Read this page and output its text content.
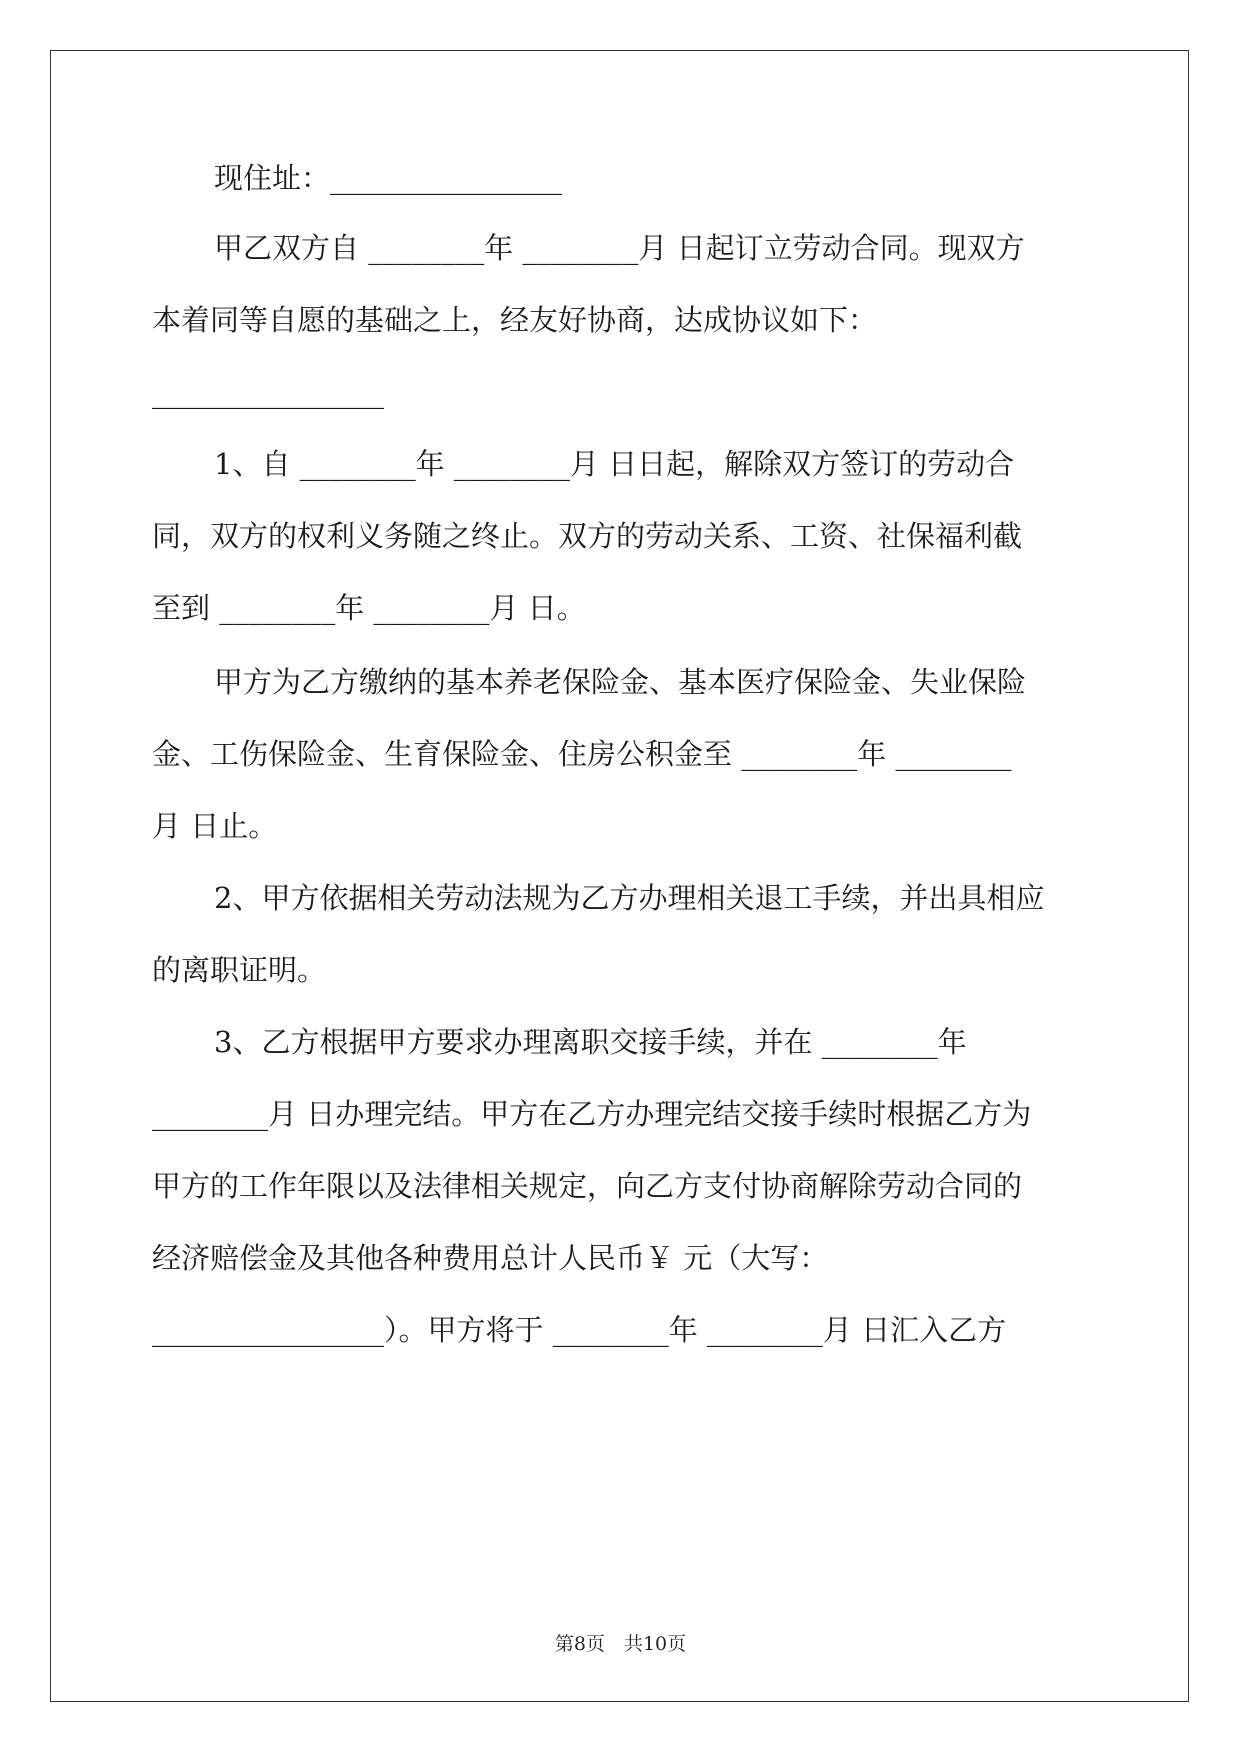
现住址：________________
甲乙双方自 ________年 ________月 日起订立劳动合同。现双方
本着同等自愿的基础之上，经友好协商，达成协议如下：
________________
1、自 ________年 ________月 日日起，解除双方签订的劳动合
同，双方的权利义务随之终止。双方的劳动关系、工资、社保福利截
至到 ________年 ________月 日。
甲方为乙方缴纳的基本养老保险金、基本医疗保险金、失业保险
金、工伤保险金、生育保险金、住房公积金至 ________年 ________
月 日止。
2、甲方依据相关劳动法规为乙方办理相关退工手续，并出具相应
的离职证明。
3、乙方根据甲方要求办理离职交接手续，并在 ________年
________月 日办理完结。甲方在乙方办理完结交接手续时根据乙方为
甲方的工作年限以及法律相关规定，向乙方支付协商解除劳动合同的
经济赔偿金及其他各种费用总计人民币￥ 元（大写：
________________）。甲方将于 ________年 ________月 日汇入乙方
第8页　共10页
